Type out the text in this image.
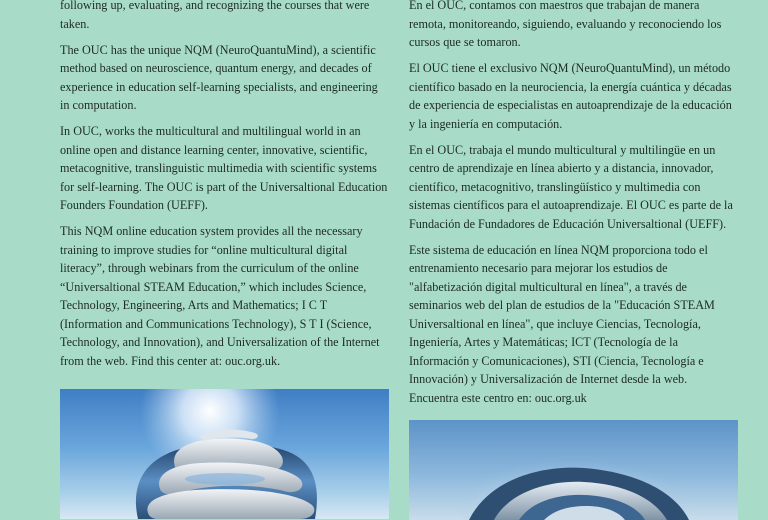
following up, evaluating, and recognizing the courses that were taken.

The OUC has the unique NQM (NeuroQuantuMind), a scientific method based on neuroscience, quantum energy, and decades of experience in education self-learning specialists, and engineering in computation.

In OUC, works the multicultural and multilingual world in an online open and distance learning center, innovative, scientific, metacognitive, translinguistic multimedia with scientific systems for self-learning. The OUC is part of the Universaltional Education Founders Foundation (UEFF).

This NQM online education system provides all the necessary training to improve studies for “online multicultural digital literacy”, through webinars from the curriculum of the online “Universaltional STEAM Education,” which includes Science, Technology, Engineering, Arts and Mathematics; I C T (Information and Communications Technology), S T I (Science, Technology, and Innovation), and Universalization of the Internet from the web. Find this center at: ouc.org.uk.

En el OUC, contamos con maestros que trabajan de manera remota, monitoreando, siguiendo, evaluando y reconociendo los cursos que se tomaron.

El OUC tiene el exclusivo NQM (NeuroQuantuMind), un método científico basado en la neurociencia, la energía cuántica y décadas de experiencia de especialistas en autoaprendizaje de la educación y la ingeniería en computación.

En el OUC, trabaja el mundo multicultural y multilingüe en un centro de aprendizaje en línea abierto y a distancia, innovador, científico, metacognitivo, translingüístico y multimedia con sistemas científicos para el autoaprendizaje. El OUC es parte de la Fundación de Fundadores de Educación Universaltional (UEFF).

Este sistema de educación en línea NQM proporciona todo el entrenamiento necesario para mejorar los estudios de "alfabetización digital multicultural en línea", a través de seminarios web del plan de estudios de la "Educación STEAM Universaltional en línea", que incluye Ciencias, Tecnología, Ingeniería, Artes y Matemáticas; ICT (Tecnología de la Información y Comunicaciones), STI (Ciencia, Tecnología e Innovación) y Universalización de Internet desde la web. Encuentra este centro en: ouc.org.uk
